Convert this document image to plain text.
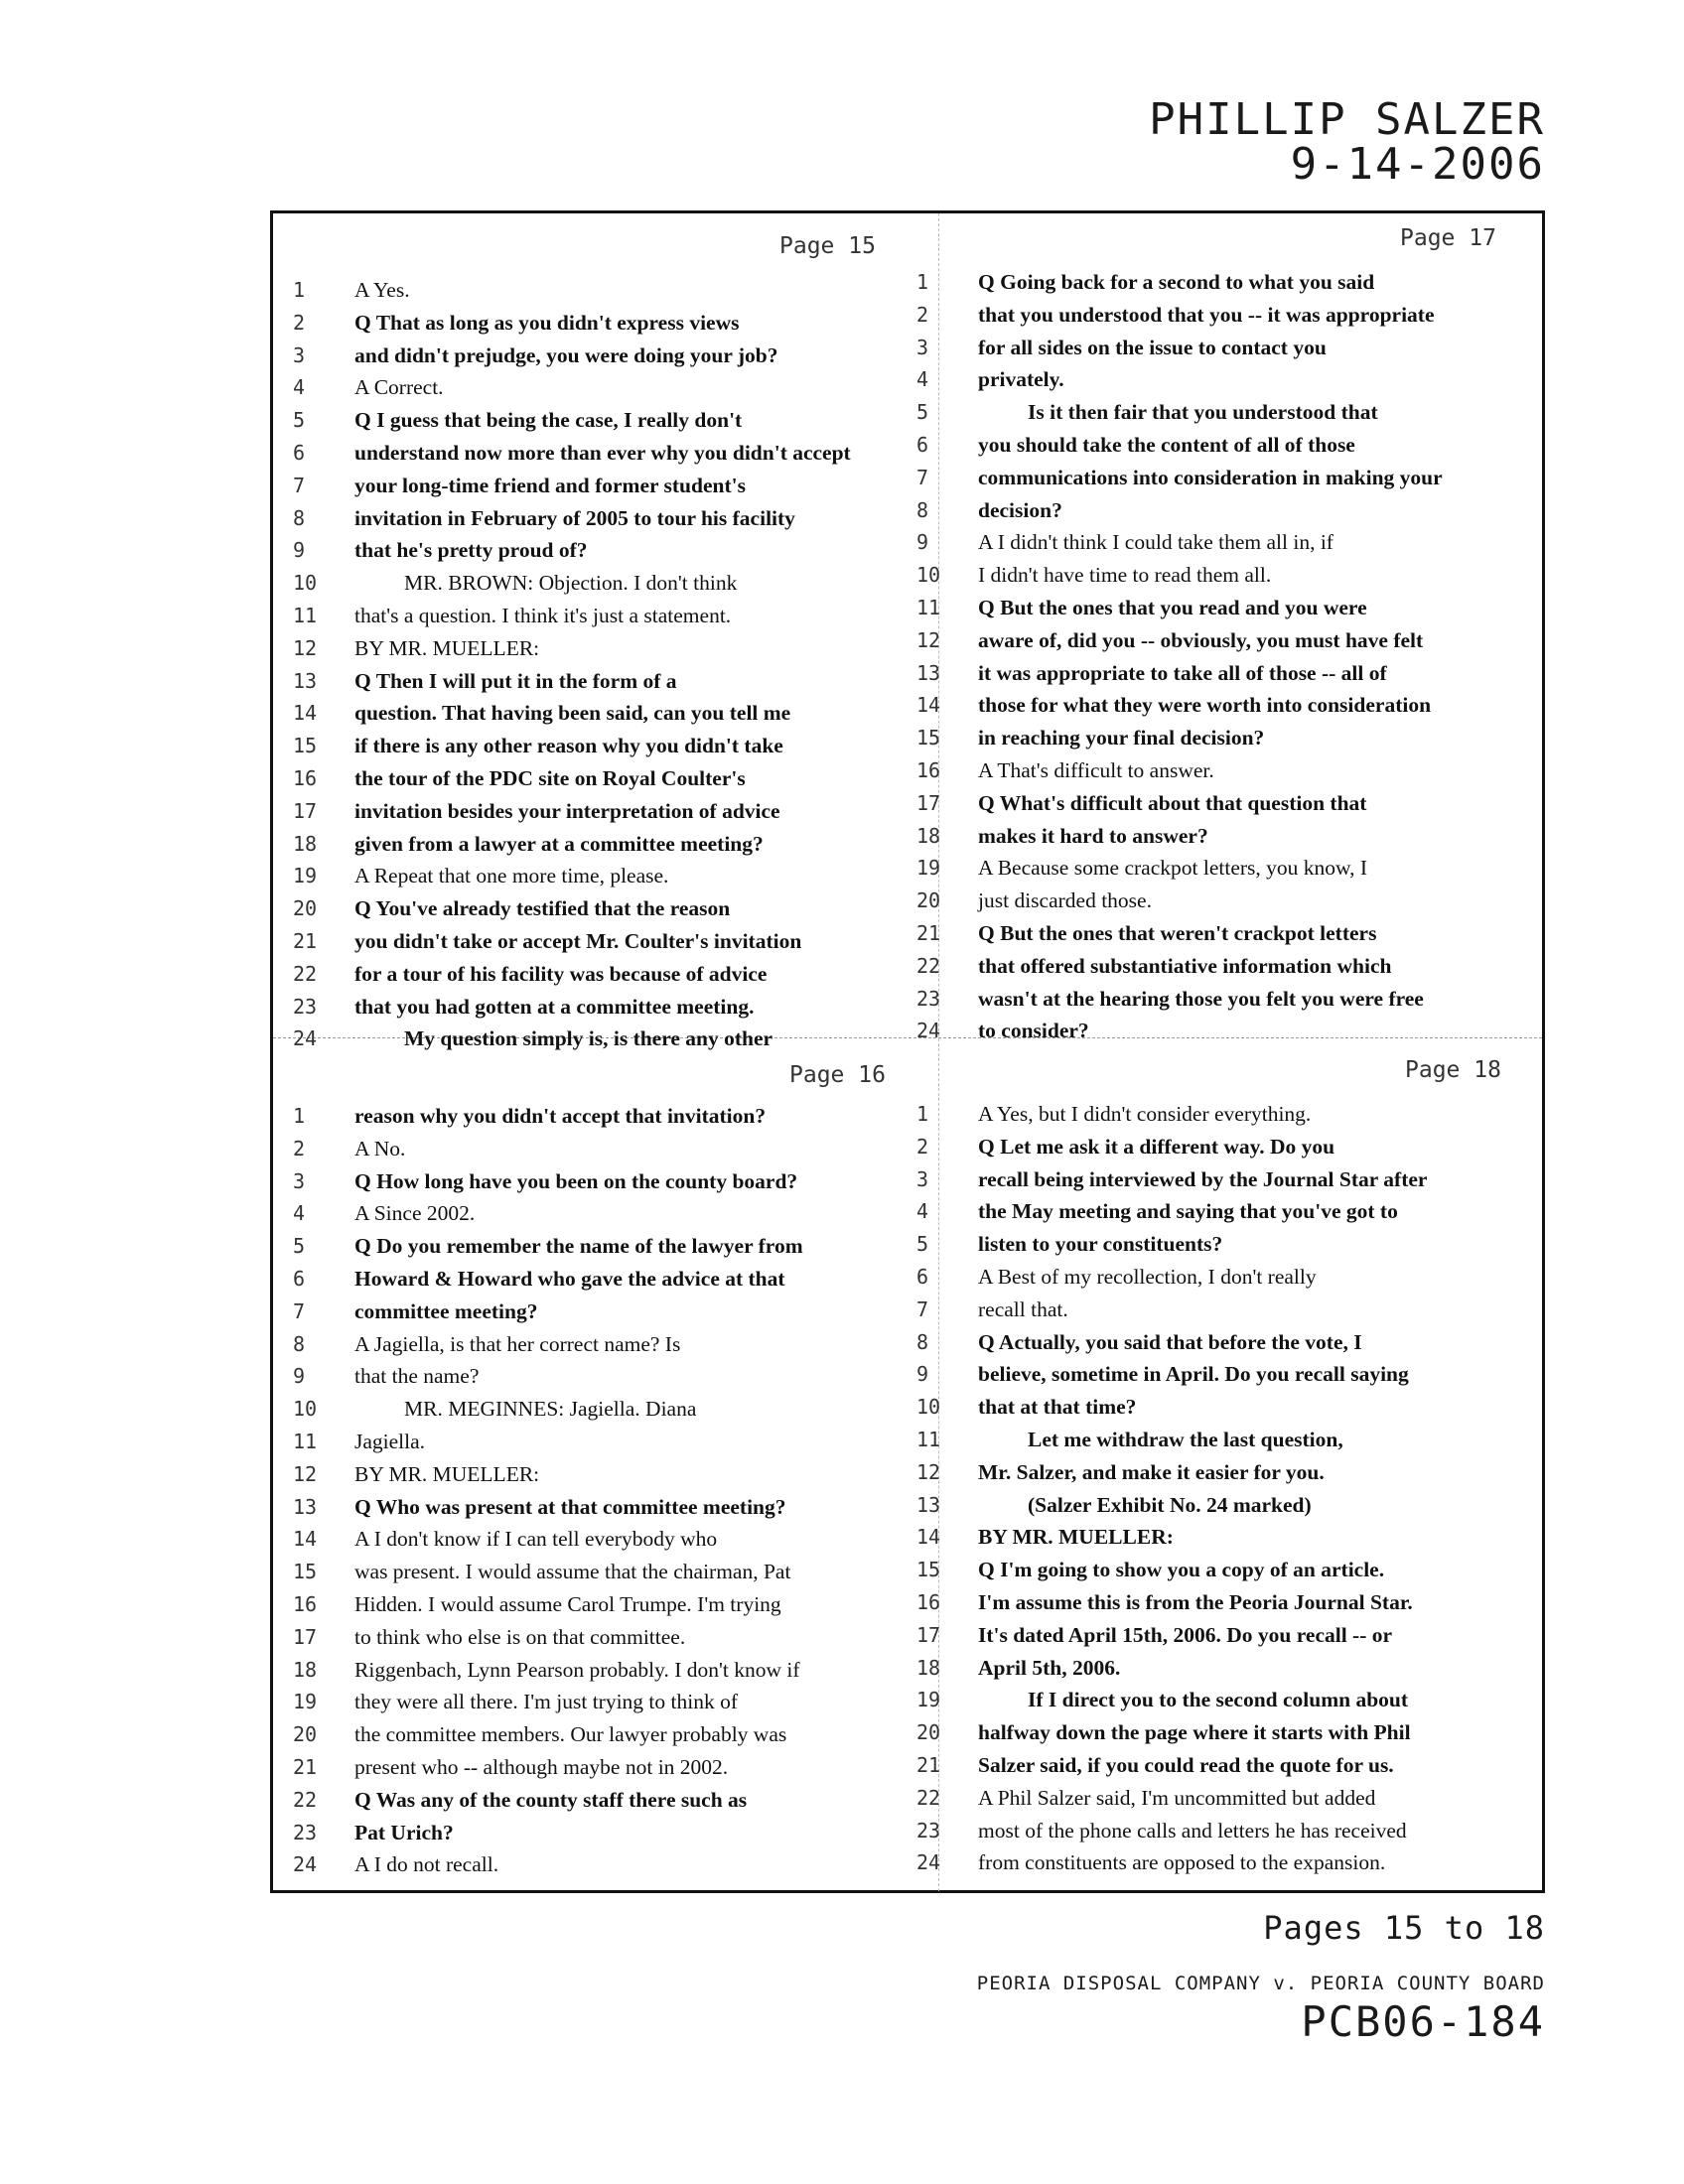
PHILLIP SALZER
9-14-2006
Page 15	Page 17
Page 16	Page 18
1	A Yes.
2	Q That as long as you didn't express views
3	and didn't prejudge, you were doing your job?
4	A Correct.
5	Q I guess that being the case, I really don't
6	understand now more than ever why you didn't accept
7	your long-time friend and former student's
8	invitation in February of 2005 to tour his facility
9	that he's pretty proud of?
10	MR. BROWN: Objection. I don't think
11	that's a question. I think it's just a statement.
12	BY MR. MUELLER:
13	Q Then I will put it in the form of a
14	question. That having been said, can you tell me
15	if there is any other reason why you didn't take
16	the tour of the PDC site on Royal Coulter's
17	invitation besides your interpretation of advice
18	given from a lawyer at a committee meeting?
19	A Repeat that one more time, please.
20	Q You've already testified that the reason
21	you didn't take or accept Mr. Coulter's invitation
22	for a tour of his facility was because of advice
23	that you had gotten at a committee meeting.
24	My question simply is, is there any other
1	Q Going back for a second to what you said
2	that you understood that you -- it was appropriate
3	for all sides on the issue to contact you
4	privately.
5	Is it then fair that you understood that
6	you should take the content of all of those
7	communications into consideration in making your
8	decision?
9	A I didn't think I could take them all in, if
10	I didn't have time to read them all.
11	Q But the ones that you read and you were
12	aware of, did you -- obviously, you must have felt
13	it was appropriate to take all of those -- all of
14	those for what they were worth into consideration
15	in reaching your final decision?
16	A That's difficult to answer.
17	Q What's difficult about that question that
18	makes it hard to answer?
19	A Because some crackpot letters, you know, I
20	just discarded those.
21	Q But the ones that weren't crackpot letters
22	that offered substantiative information which
23	wasn't at the hearing those you felt you were free
24	to consider?
1	reason why you didn't accept that invitation?
2	A No.
3	Q How long have you been on the county board?
4	A Since 2002.
5	Q Do you remember the name of the lawyer from
6	Howard & Howard who gave the advice at that
7	committee meeting?
8	A Jagiella, is that her correct name? Is
9	that the name?
10	MR. MEGINNES: Jagiella. Diana
11	Jagiella.
12	BY MR. MUELLER:
13	Q Who was present at that committee meeting?
14	A I don't know if I can tell everybody who
15	was present. I would assume that the chairman, Pat
16	Hidden. I would assume Carol Trumpe. I'm trying
17	to think who else is on that committee.
18	Riggenbach, Lynn Pearson probably. I don't know if
19	they were all there. I'm just trying to think of
20	the committee members. Our lawyer probably was
21	present who -- although maybe not in 2002.
22	Q Was any of the county staff there such as
23	Pat Urich?
24	A I do not recall.
1	A Yes, but I didn't consider everything.
2	Q Let me ask it a different way. Do you
3	recall being interviewed by the Journal Star after
4	the May meeting and saying that you've got to
5	listen to your constituents?
6	A Best of my recollection, I don't really
7	recall that.
8	Q Actually, you said that before the vote, I
9	believe, sometime in April. Do you recall saying
10	that at that time?
11	Let me withdraw the last question,
12	Mr. Salzer, and make it easier for you.
13	(Salzer Exhibit No. 24 marked)
14	BY MR. MUELLER:
15	Q I'm going to show you a copy of an article.
16	I'm assume this is from the Peoria Journal Star.
17	It's dated April 15th, 2006. Do you recall -- or
18	April 5th, 2006.
19	If I direct you to the second column about
20	halfway down the page where it starts with Phil
21	Salzer said, if you could read the quote for us.
22	A Phil Salzer said, I'm uncommitted but added
23	most of the phone calls and letters he has received
24	from constituents are opposed to the expansion.
Pages 15 to 18
PEORIA DISPOSAL COMPANY v. PEORIA COUNTY BOARD
PCB06-184
